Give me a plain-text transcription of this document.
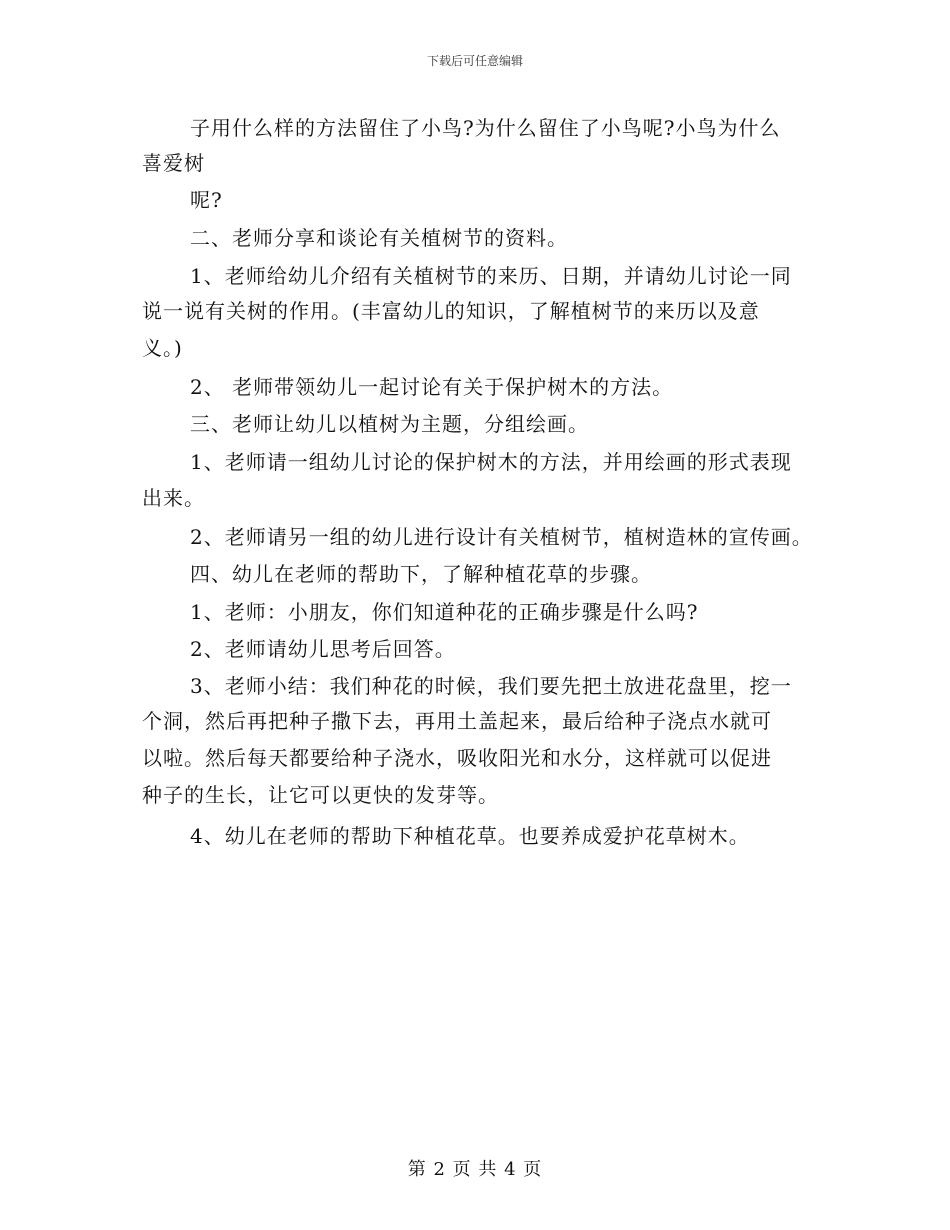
下载后可任意编辑
子用什么样的方法留住了小鸟?为什么留住了小鸟呢?小鸟为什么
喜爱树
呢?
二、老师分享和谈论有关植树节的资料。
1、老师给幼儿介绍有关植树节的来历、日期，并请幼儿讨论一同
说一说有关树的作用。(丰富幼儿的知识，了解植树节的来历以及意
义。)
2、 老师带领幼儿一起讨论有关于保护树木的方法。
三、老师让幼儿以植树为主题，分组绘画。
1、老师请一组幼儿讨论的保护树木的方法，并用绘画的形式表现
出来。
2、老师请另一组的幼儿进行设计有关植树节，植树造林的宣传画。
四、幼儿在老师的帮助下，了解种植花草的步骤。
1、老师：小朋友，你们知道种花的正确步骤是什么吗?
2、老师请幼儿思考后回答。
3、老师小结：我们种花的时候，我们要先把土放进花盘里，挖一
个洞，然后再把种子撒下去，再用土盖起来，最后给种子浇点水就可
以啦。然后每天都要给种子浇水，吸收阳光和水分，这样就可以促进
种子的生长，让它可以更快的发芽等。
4、幼儿在老师的帮助下种植花草。也要养成爱护花草树木。
第 2 页 共 4 页
